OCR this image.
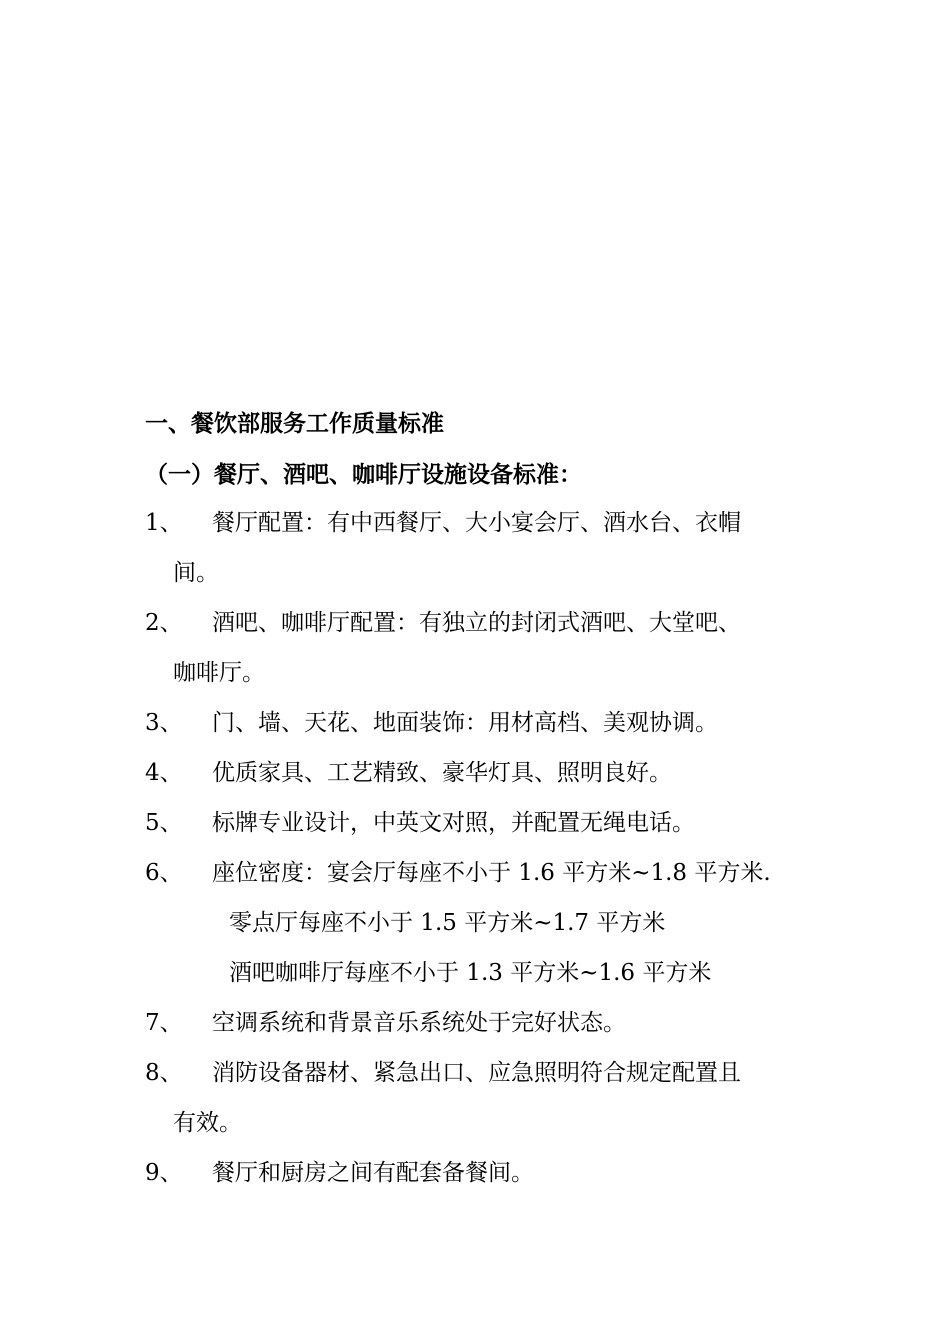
一、餐饮部服务工作质量标准
（一）餐厅、酒吧、咖啡厅设施设备标准：
1、	餐厅配置：有中西餐厅、大小宴会厅、酒水台、衣帽
间。
2、	酒吧、咖啡厅配置：有独立的封闭式酒吧、大堂吧、
咖啡厅。
3、	门、墙、天花、地面装饰：用材高档、美观协调。
4、	优质家具、工艺精致、豪华灯具、照明良好。
5、	标牌专业设计，中英文对照，并配置无绳电话。
6、	座位密度：宴会厅每座不小于 1.6 平方米~1.8 平方米.
零点厅每座不小于 1.5 平方米~1.7 平方米
酒吧咖啡厅每座不小于 1.3 平方米~1.6 平方米
7、	空调系统和背景音乐系统处于完好状态。
8、	消防设备器材、紧急出口、应急照明符合规定配置且
有效。
9、	餐厅和厨房之间有配套备餐间。
